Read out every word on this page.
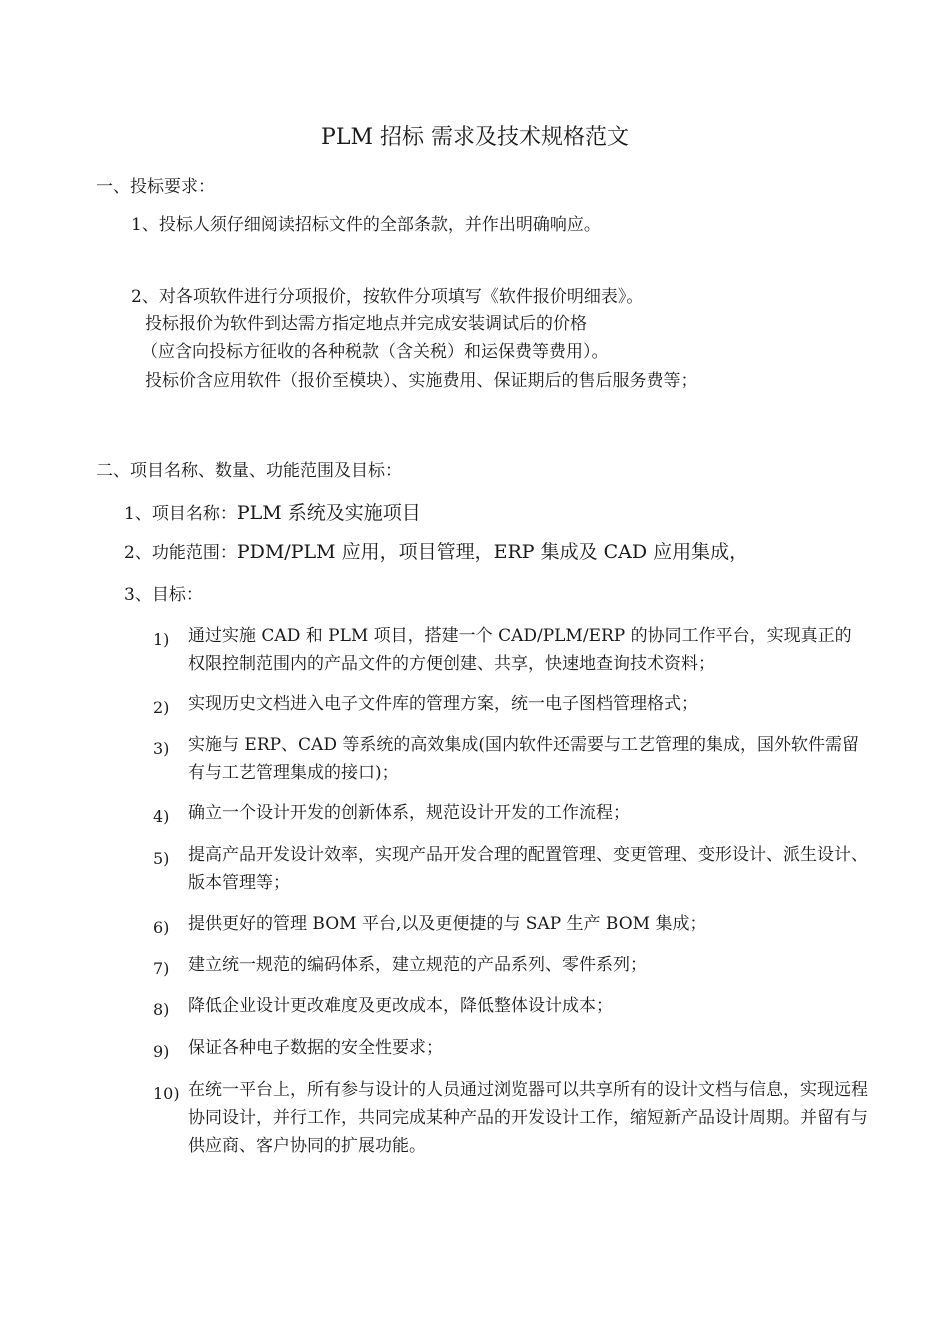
PLM 招标 需求及技术规格范文
一、投标要求：
1、投标人须仔细阅读招标文件的全部条款，并作出明确响应。
2、对各项软件进行分项报价，按软件分项填写《软件报价明细表》。
投标报价为软件到达需方指定地点并完成安装调试后的价格
（应含向投标方征收的各种税款（含关税）和运保费等费用）。
投标价含应用软件（报价至模块）、实施费用、保证期后的售后服务费等；
二、项目名称、数量、功能范围及目标：
1、项目名称：PLM 系统及实施项目
2、功能范围：PDM/PLM 应用，项目管理，ERP 集成及 CAD 应用集成，
3、目标：
1) 通过实施 CAD 和 PLM 项目，搭建一个 CAD/PLM/ERP 的协同工作平台，实现真正的权限控制范围内的产品文件的方便创建、共享，快速地查询技术资料；
2) 实现历史文档进入电子文件库的管理方案，统一电子图档管理格式；
3) 实施与 ERP、CAD 等系统的高效集成(国内软件还需要与工艺管理的集成，国外软件需留有与工艺管理集成的接口)；
4) 确立一个设计开发的创新体系，规范设计开发的工作流程；
5) 提高产品开发设计效率，实现产品开发合理的配置管理、变更管理、变形设计、派生设计、版本管理等；
6) 提供更好的管理 BOM 平台,以及更便捷的与 SAP 生产 BOM 集成；
7) 建立统一规范的编码体系，建立规范的产品系列、零件系列；
8) 降低企业设计更改难度及更改成本，降低整体设计成本；
9) 保证各种电子数据的安全性要求；
10) 在统一平台上，所有参与设计的人员通过浏览器可以共享所有的设计文档与信息，实现远程协同设计，并行工作，共同完成某种产品的开发设计工作，缩短新产品设计周期。并留有与供应商、客户协同的扩展功能。
